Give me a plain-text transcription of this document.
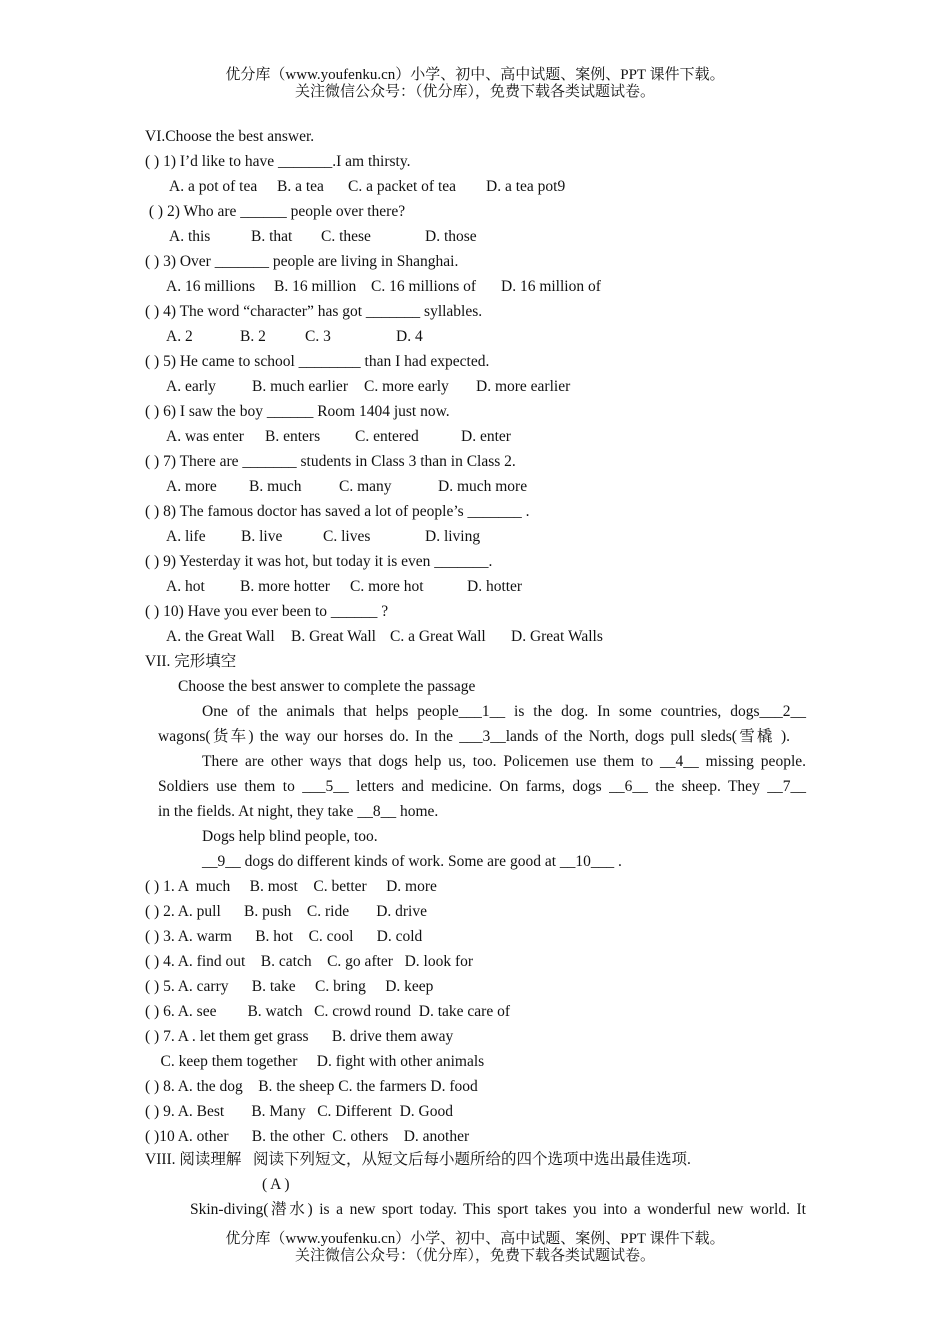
优分库（www.youfenku.cn）小学、初中、高中试题、案例、PPT 课件下载。
关注微信公众号：（优分库），免费下载各类试题试卷。
VI.Choose the best answer.
( ) 1) I’d like to have _______.I am thirsty.
A. a pot of tea B. a tea C. a packet of tea D. a tea pot9
( ) 2) Who are ______ people over there?
A. this	B. that C. these	D. those
( ) 3) Over _______ people are living in Shanghai.
A. 16 millions B. 16 million C. 16 millions of D. 16 million of
( ) 4) The word “character” has got _______ syllables.
A. 2	B. 2	C. 3	D. 4
( ) 5) He came to school ________ than I had expected.
A. early B. much earlier C. more early D. more earlier
( ) 6) I saw the boy ______ Room 1404 just now.
A. was enter B. enters C. entered	D. enter
( ) 7) There are _______ students in Class 3 than in Class 2.
A. more B. much C. many	D. much more
( ) 8) The famous doctor has saved a lot of people’s _______ .
A. life B. live	C. lives	D. living
( ) 9) Yesterday it was hot, but today it is even _______.
A. hot B. more hotter C. more hot	D. hotter
( ) 10) Have you ever been to ______ ?
A. the Great Wall B. Great Wall C. a Great Wall D. Great Walls
VII. 完形填空
Choose the best answer to complete the passage
One of the animals that helps people___1__ is the dog. In some countries, dogs___2__
wagons(货车) the way our horses do. In the ___3__lands of the North, dogs pull sleds(雪橇 ).
There are other ways that dogs help us, too. Policemen use them to __4__ missing people.
Soldiers use them to ___5__ letters and medicine. On farms, dogs __6__ the sheep. They __7__
in the fields. At night, they take __8__ home.
Dogs help blind people, too.
__9__ dogs do different kinds of work. Some are good at __10___ .
( ) 1. A  much     B. most    C. better     D. more
( ) 2. A. pull      B. push    C. ride       D. drive
( ) 3. A. warm      B. hot    C. cool      D. cold
( ) 4. A. find out    B. catch    C. go after   D. look for
( ) 5. A. carry      B. take     C. bring     D. keep
( ) 6. A. see        B. watch   C. crowd round  D. take care of
( ) 7. A . let them get grass      B. drive them away
C. keep them together     D. fight with other animals
( ) 8. A. the dog    B. the sheep C. the farmers D. food
( ) 9. A. Best       B. Many   C. Different  D. Good
( )10 A. other      B. the other  C. others    D. another
VIII. 阅读理解   阅读下列短文，从短文后每小题所给的四个选项中选出最佳选项.
( A )
Skin-diving(潜水) is a new sport today. This sport takes you into a wonderful new world. It
优分库（www.youfenku.cn）小学、初中、高中试题、案例、PPT 课件下载。
关注微信公众号：（优分库），免费下载各类试题试卷。
